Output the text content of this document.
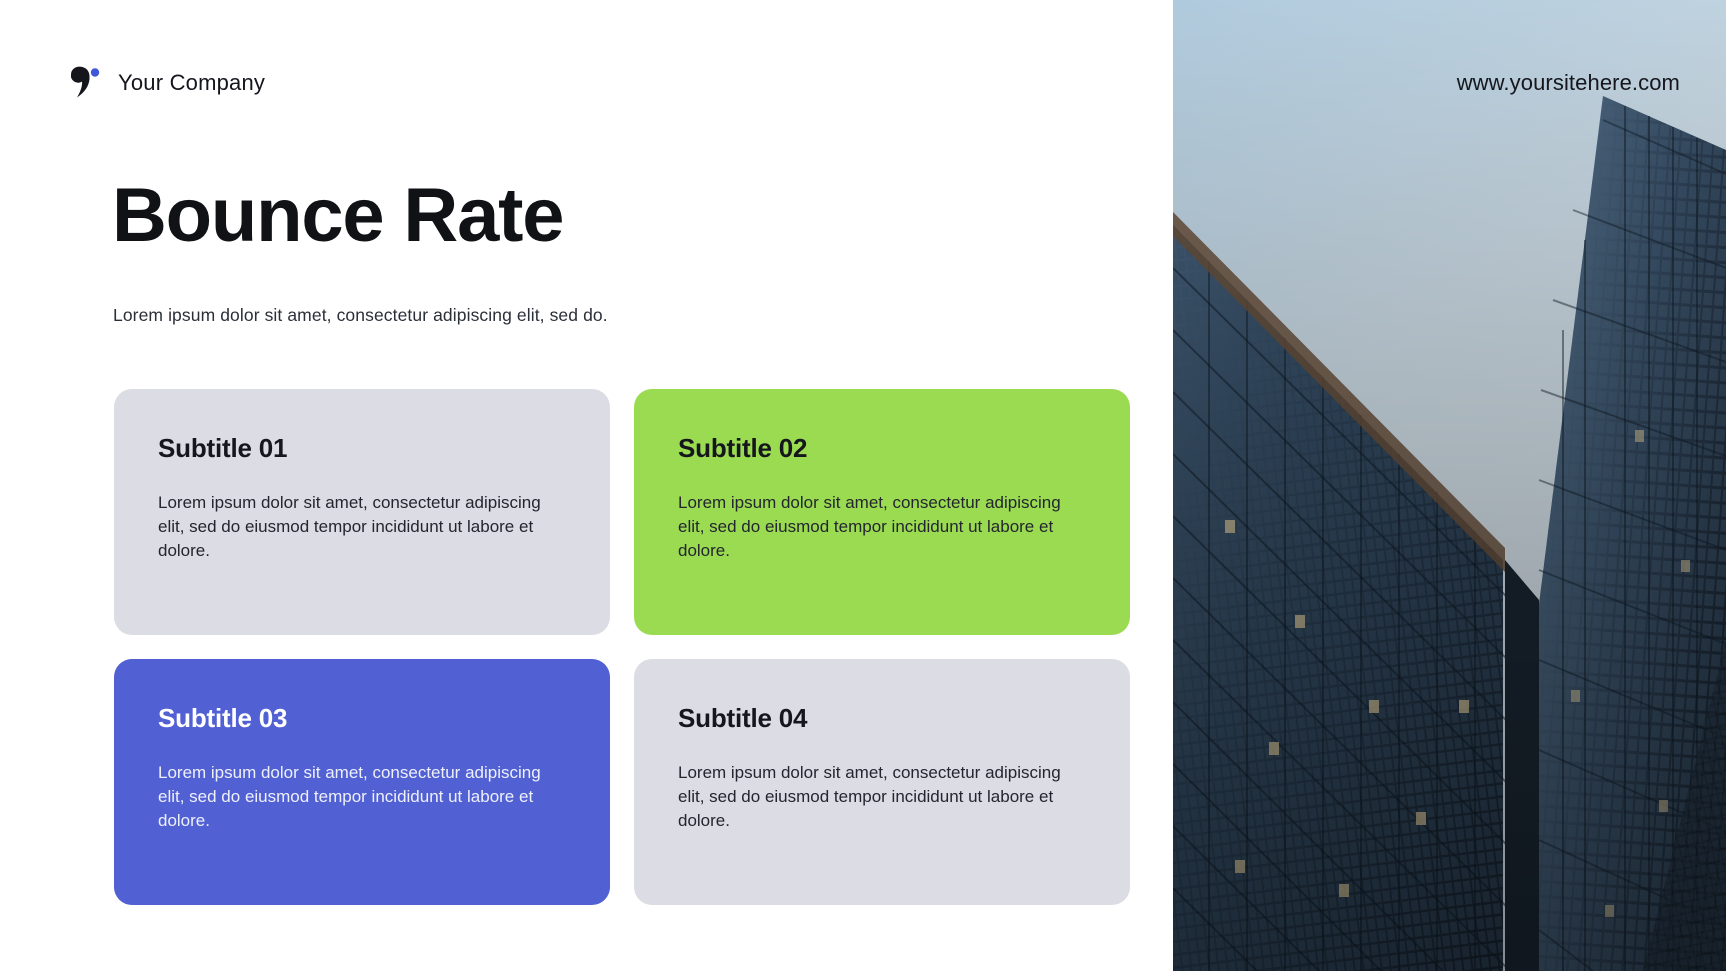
Your Company
Bounce Rate

Lorem ipsum dolor sit amet, consectetur adipiscing elit, sed do.

Subtitle 01
Lorem ipsum dolor sit amet, consectetur adipiscing elit, sed do eiusmod tempor incididunt ut labore et dolore.
Subtitle 02
Lorem ipsum dolor sit amet, consectetur adipiscing elit, sed do eiusmod tempor incididunt ut labore et dolore.
Subtitle 03
Lorem ipsum dolor sit amet, consectetur adipiscing elit, sed do eiusmod tempor incididunt ut labore et dolore.
Subtitle 04
Lorem ipsum dolor sit amet, consectetur adipiscing elit, sed do eiusmod tempor incididunt ut labore et dolore.
www.yoursitehere.com
